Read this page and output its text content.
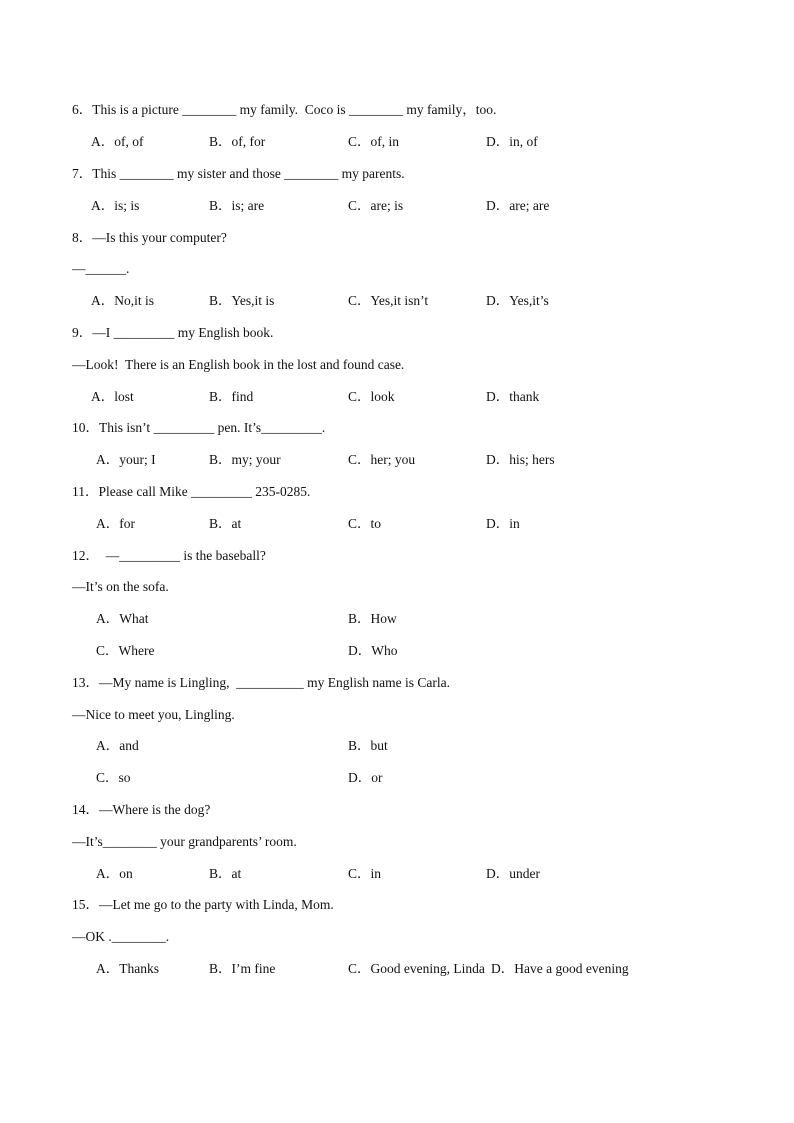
6．This is a picture ________ my family.  Coco is ________ my family，too.
A．of, of	B．of, for	C．of, in	D．in, of
7．This ________ my sister and those ________ my parents.
A．is; is	B．is; are	C．are; is	D．are; are
8．—Is this your computer?
—______.
A．No,it is	B．Yes,it is	C．Yes,it isn’t	D．Yes,it’s
9．—I _________ my English book.
—Look!  There is an English book in the lost and found case.
A．lost	B．find	C．look	D．thank
10．This isn’t _________ pen. It’s_________.
A．your; I	B．my; your	C．her; you	D．his; hers
11．Please call Mike _________ 235-0285.
A．for	B．at	C．to	D．in
12．  —_________ is the baseball?
—It’s on the sofa.
A．What	B．How
C．Where	D．Who
13．—My name is Lingling,  __________ my English name is Carla.
—Nice to meet you, Lingling.
A．and	B．but
C．so	D．or
14．—Where is the dog?
—It’s________ your grandparents’ room.
A．on	B．at	C．in	D．under
15．—Let me go to the party with Linda, Mom.
—OK .________.
A．Thanks	B．I’m fine	C．Good evening, Linda D．Have a good evening
